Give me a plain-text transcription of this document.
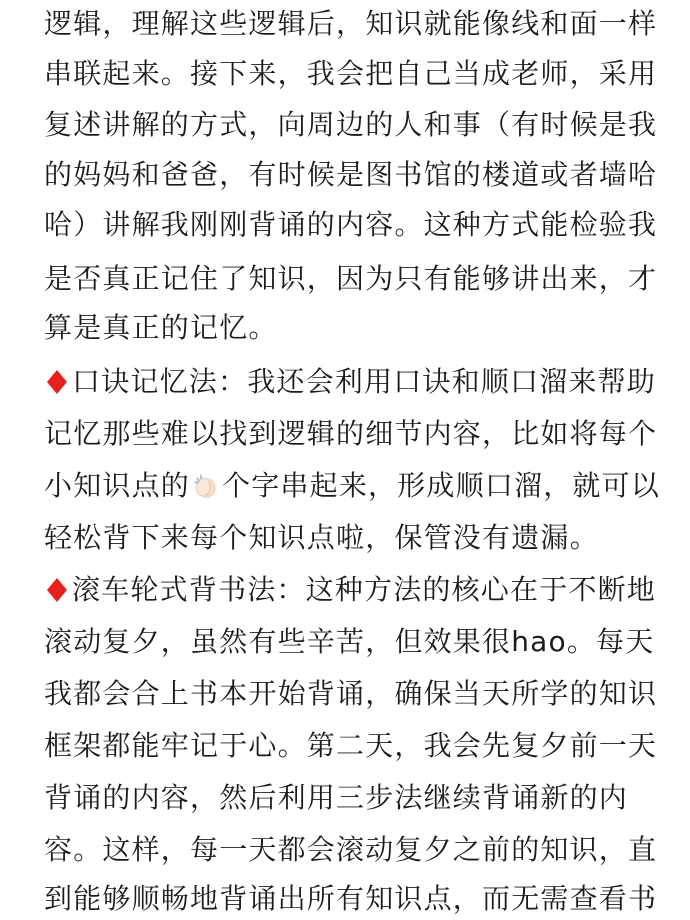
逻辑，理解这些逻辑后，知识就能像线和面一样
串联起来。接下来，我会把自己当成老师，采用
复述讲解的方式，向周边的人和事（有时候是我
的妈妈和爸爸，有时候是图书馆的楼道或者墙哈
哈）讲解我刚刚背诵的内容。这种方式能检验我
是否真正记住了知识，因为只有能够讲出来，才
算是真正的记忆。
口诀记忆法：我还会利用口诀和顺口溜来帮助
记忆那些难以找到逻辑的细节内容，比如将每个
小知识点的 个字串起来，形成顺口溜，就可以
轻松背下来每个知识点啦，保管没有遗漏。
滚车轮式背书法：这种方法的核心在于不断地
滚动复夕，虽然有些辛苦，但效果很hao。每天
我都会合上书本开始背诵，确保当天所学的知识
框架都能牢记于心。第二天，我会先复夕前一天
背诵的内容，然后利用三步法继续背诵新的内
容。这样，每一天都会滚动复夕之前的知识，直
到能够顺畅地背诵出所有知识点，而无需查看书
